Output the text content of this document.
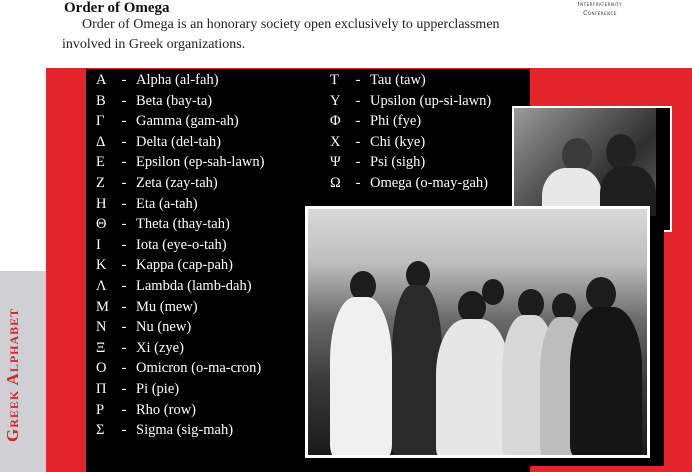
Order of Omega
Order of Omega is an honorary society open exclusively to upperclassmen involved in Greek organizations.
Interfraternity
Conference
Greek Alphabet
Α - Alpha (al-fah)
Β - Beta (bay-ta)
Γ - Gamma (gam-ah)
Δ - Delta (del-tah)
Ε - Epsilon (ep-sah-lawn)
Ζ - Zeta (zay-tah)
Η - Eta (a-tah)
Θ - Theta (thay-tah)
Ι - Iota (eye-o-tah)
Κ - Kappa (cap-pah)
Λ - Lambda (lamb-dah)
Μ - Mu (mew)
Ν - Nu (new)
Ξ - Xi (zye)
Ο - Omicron (o-ma-cron)
Π - Pi (pie)
Ρ - Rho (row)
Σ - Sigma (sig-mah)
Τ - Tau (taw)
Υ - Upsilon (up-si-lawn)
Φ - Phi (fye)
Χ - Chi (kye)
Ψ - Psi (sigh)
Ω - Omega (o-may-gah)
